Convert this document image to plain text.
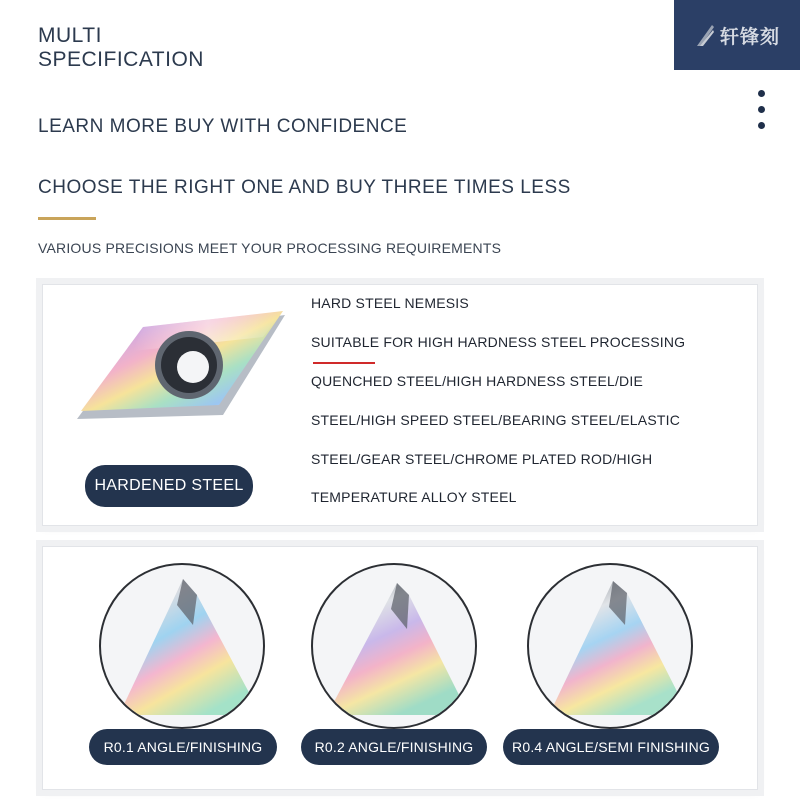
MULTI
SPECIFICATION
轩锋刻
LEARN MORE BUY WITH CONFIDENCE
CHOOSE THE RIGHT ONE AND BUY THREE TIMES LESS
VARIOUS PRECISIONS MEET YOUR PROCESSING REQUIREMENTS
HARDENED STEEL
HARD STEEL NEMESIS
SUITABLE FOR HIGH HARDNESS STEEL PROCESSING
QUENCHED STEEL/HIGH HARDNESS STEEL/DIE
STEEL/HIGH SPEED STEEL/BEARING STEEL/ELASTIC
STEEL/GEAR STEEL/CHROME PLATED ROD/HIGH
TEMPERATURE ALLOY STEEL
R0.1 ANGLE/FINISHING	R0.2 ANGLE/FINISHING	R0.4 ANGLE/SEMI FINISHING
